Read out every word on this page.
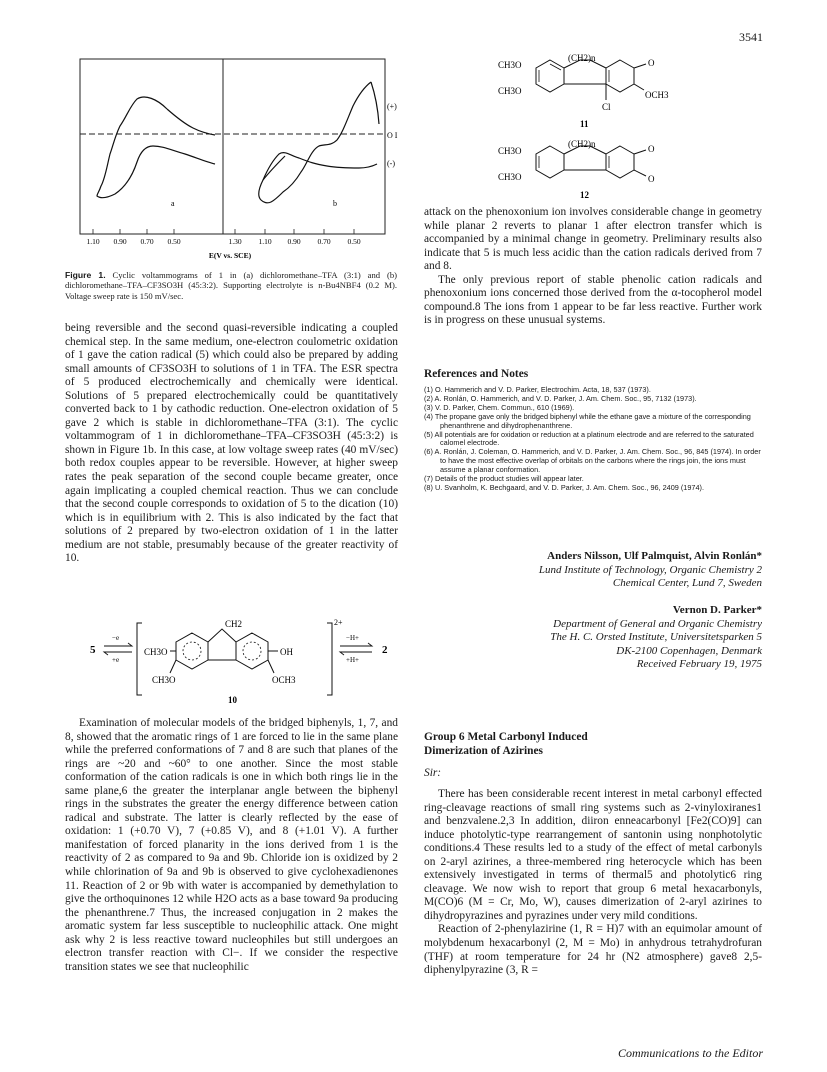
3541
a	b
(+)
O I
(-)
1.10 0.90 0.70 0.50	1.30 1.10 0.90 0.70 0.50
E(V vs. SCE)
Figure 1. Cyclic voltammograms of 1 in (a) dichloromethane–TFA (3:1) and (b) dichloromethane–TFA–CF3SO3H (45:3:2). Supporting electrolyte is n-Bu4NBF4 (0.2 M). Voltage sweep rate is 150 mV/sec.

being reversible and the second quasi-reversible indicating a coupled chemical step. In the same medium, one-electron coulometric oxidation of 1 gave the cation radical (5) which could also be prepared by adding small amounts of CF3SO3H to solutions of 1 in TFA. The ESR spectra of 5 produced electrochemically and chemically were identical. Solutions of 5 prepared electrochemically could be quantitatively converted back to 1 by cathodic reduction. One-electron oxidation of 5 gave 2 which is stable in dichloromethane–TFA (3:1). The cyclic voltammogram of 1 in dichloromethane–TFA–CF3SO3H (45:3:2) is shown in Figure 1b. In this case, at low voltage sweep rates (40 mV/sec) both redox couples appear to be reversible. However, at higher sweep rates the peak separation of the second couple became greater, once again implicating a coupled chemical reaction. Thus we can conclude that the second couple corresponds to oxidation of 5 to the dication (10) which is in equilibrium with 2. This is also indicated by the fact that solutions of 2 prepared by two-electron oxidation of 1 in the latter medium are not stable, presumably because of the greater reactivity of 10.

5
−e
+e
2+
CH2
CH3O
CH3O
OH
OCH3
−H+
+H+
2
10

Examination of molecular models of the bridged biphenyls, 1, 7, and 8, showed that the aromatic rings of 1 are forced to lie in the same plane while the preferred conformations of 7 and 8 are such that planes of the rings are ~20 and ~60° to one another. Since the most stable conformation of the cation radicals is one in which both rings lie in the same plane,6 the greater the interplanar angle between the biphenyl rings in the substrates the greater the energy difference between cation radical and substrate. The latter is clearly reflected by the ease of oxidation: 1 (+0.70 V), 7 (+0.85 V), and 8 (+1.01 V). A further manifestation of forced planarity in the ions derived from 1 is the reactivity of 2 as compared to 9a and 9b. Chloride ion is oxidized by 2 while chlorination of 9a and 9b is observed to give cyclohexadienones 11. Reaction of 2 or 9b with water is accompanied by demethylation to give the orthoquinones 12 while H2O acts as a base toward 9a producing the phenanthrene.7 Thus, the increased conjugation in 2 makes the aromatic system far less susceptible to nucleophilic attack. One might ask why 2 is less reactive toward nucleophiles but still undergoes an electron transfer reaction with Cl−. If we consider the respective transition states we see that nucleophilic

(CH2)n
CH3O
CH3O
O
OCH3
Cl
11
(CH2)n
CH3O
CH3O
O
O
12

attack on the phenoxonium ion involves considerable change in geometry while planar 2 reverts to planar 1 after electron transfer which is accompanied by a minimal change in geometry. Preliminary results also indicate that 5 is much less acidic than the cation radicals derived from 7 and 8.

The only previous report of stable phenolic cation radicals and phenoxonium ions concerned those derived from the α-tocopherol model compound.8 The ions from 1 appear to be far less reactive. Further work is in progress on these unusual systems.

References and Notes
(1) O. Hammerich and V. D. Parker, Electrochim. Acta, 18, 537 (1973).
(2) A. Ronlán, O. Hammerich, and V. D. Parker, J. Am. Chem. Soc., 95, 7132 (1973).
(3) V. D. Parker, Chem. Commun., 610 (1969).
(4) The propane gave only the bridged biphenyl while the ethane gave a mixture of the corresponding phenanthrene and dihydrophenanthrene.
(5) All potentials are for oxidation or reduction at a platinum electrode and are referred to the saturated calomel electrode.
(6) A. Ronlán, J. Coleman, O. Hammerich, and V. D. Parker, J. Am. Chem. Soc., 96, 845 (1974). In order to have the most effective overlap of orbitals on the carbons where the rings join, the ions must assume a planar conformation.
(7) Details of the product studies will appear later.
(8) U. Svanholm, K. Bechgaard, and V. D. Parker, J. Am. Chem. Soc., 96, 2409 (1974).
Anders Nilsson, Ulf Palmquist, Alvin Ronlán*
Lund Institute of Technology, Organic Chemistry 2
Chemical Center, Lund 7, Sweden
Vernon D. Parker*
Department of General and Organic Chemistry
The H. C. Orsted Institute, Universitetsparken 5
DK-2100 Copenhagen, Denmark
Received February 19, 1975
Group 6 Metal Carbonyl Induced
Dimerization of Azirines
Sir:

There has been considerable recent interest in metal carbonyl effected ring-cleavage reactions of small ring systems such as 2-vinyloxiranes1 and benzvalene.2,3 In addition, diiron enneacarbonyl [Fe2(CO)9] can induce photolytic-type rearrangement of santonin using nonphotolytic conditions.4 These results led to a study of the effect of metal carbonyls on 2-aryl azirines, a three-membered ring heterocycle which has been extensively investigated in terms of thermal5 and photolytic6 ring cleavage. We now wish to report that group 6 metal hexacarbonyls, M(CO)6 (M = Cr, Mo, W), causes dimerization of 2-aryl azirines to dihydropyrazines and pyrazines under very mild conditions.

Reaction of 2-phenylazirine (1, R = H)7 with an equimolar amount of molybdenum hexacarbonyl (2, M = Mo) in anhydrous tetrahydrofuran (THF) at room temperature for 24 hr (N2 atmosphere) gave8 2,5-diphenylpyrazine (3, R =

Communications to the Editor
